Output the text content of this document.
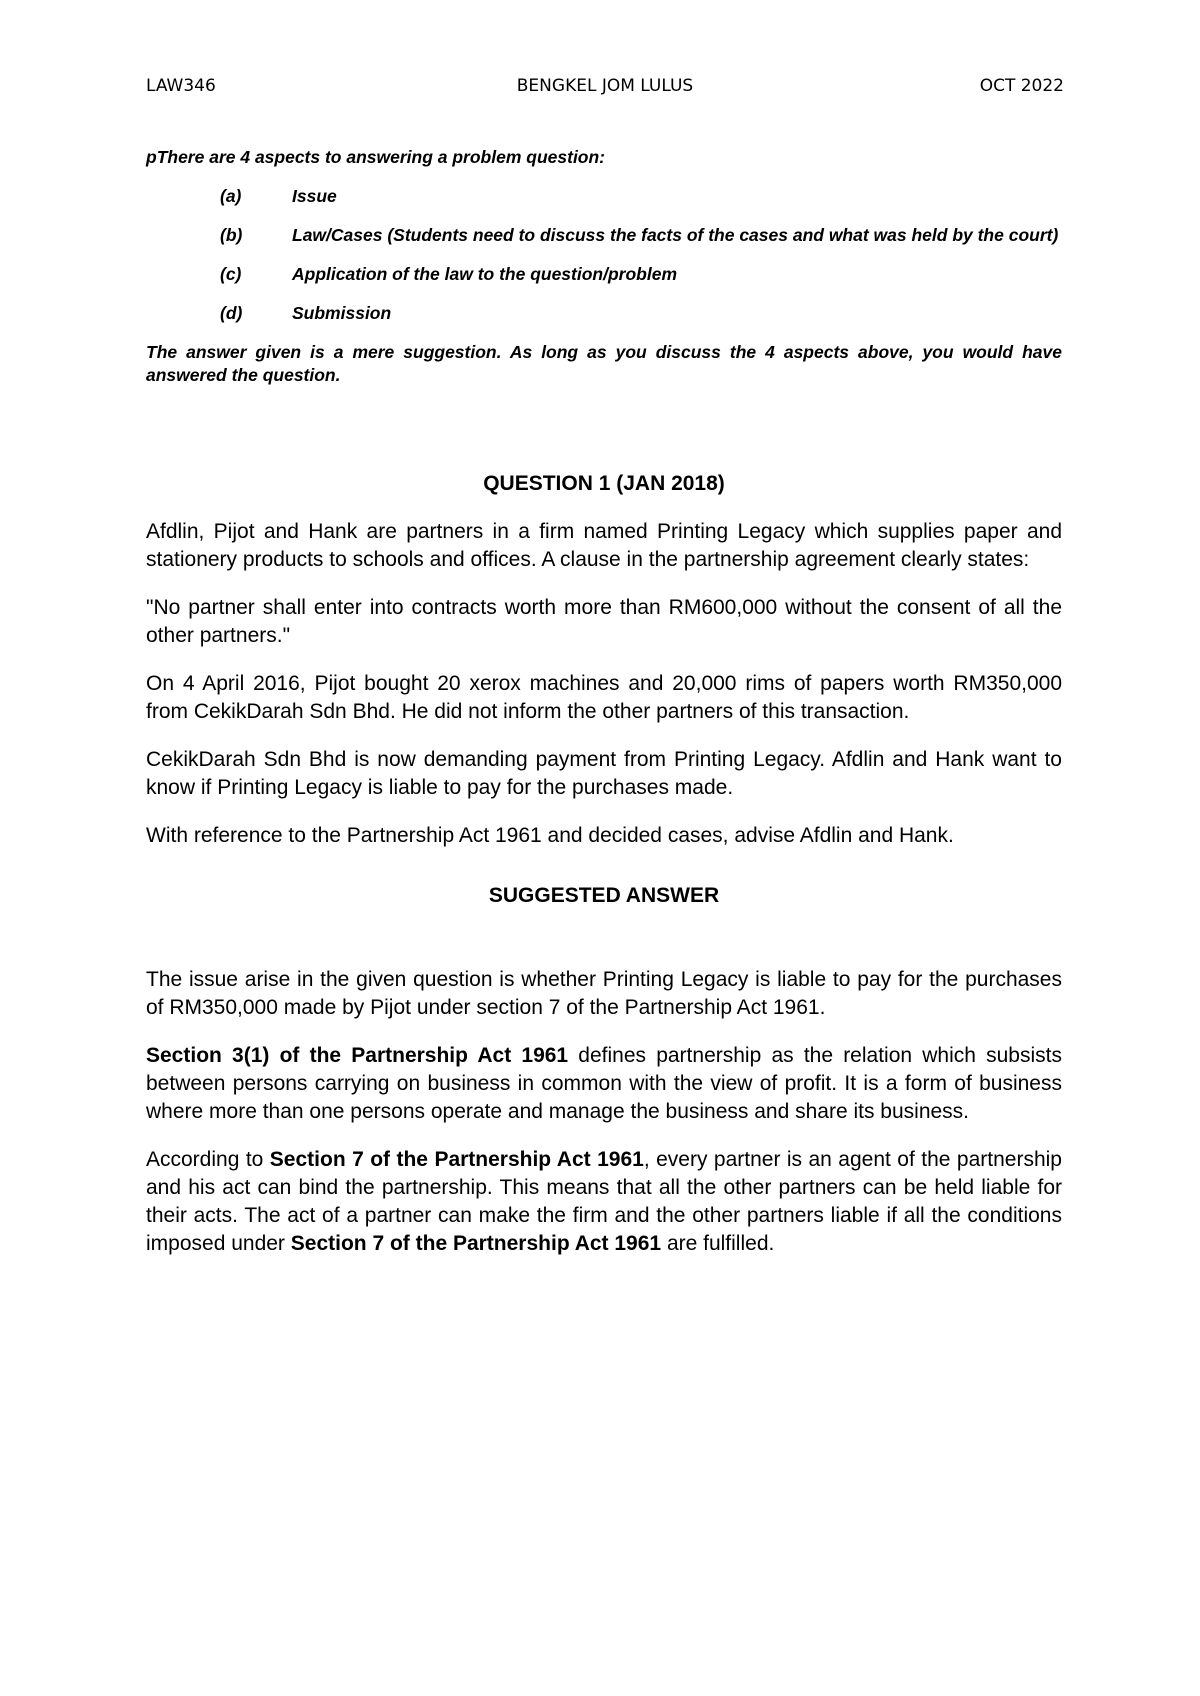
LAW346	BENGKEL JOM LULUS	OCT 2022

pThere are 4 aspects to answering a problem question:

(a)	Issue
(b)	Law/Cases (Students need to discuss the facts of the cases and what was held by the court)
(c)	Application of the law to the question/problem
(d)	Submission

The answer given is a mere suggestion. As long as you discuss the 4 aspects above, you would have answered the question.

QUESTION 1 (JAN 2018)

Afdlin, Pijot and Hank are partners in a firm named Printing Legacy which supplies paper and stationery products to schools and offices. A clause in the partnership agreement clearly states:

"No partner shall enter into contracts worth more than RM600,000 without the consent of all the other partners."

On 4 April 2016, Pijot bought 20 xerox machines and 20,000 rims of papers worth RM350,000 from CekikDarah Sdn Bhd. He did not inform the other partners of this transaction.

CekikDarah Sdn Bhd is now demanding payment from Printing Legacy. Afdlin and Hank want to know if Printing Legacy is liable to pay for the purchases made.

With reference to the Partnership Act 1961 and decided cases, advise Afdlin and Hank.

SUGGESTED ANSWER

The issue arise in the given question is whether Printing Legacy is liable to pay for the purchases of RM350,000 made by Pijot under section 7 of the Partnership Act 1961.

Section 3(1) of the Partnership Act 1961 defines partnership as the relation which subsists between persons carrying on business in common with the view of profit. It is a form of business where more than one persons operate and manage the business and share its business.

According to Section 7 of the Partnership Act 1961, every partner is an agent of the partnership and his act can bind the partnership. This means that all the other partners can be held liable for their acts. The act of a partner can make the firm and the other partners liable if all the conditions imposed under Section 7 of the Partnership Act 1961 are fulfilled.
